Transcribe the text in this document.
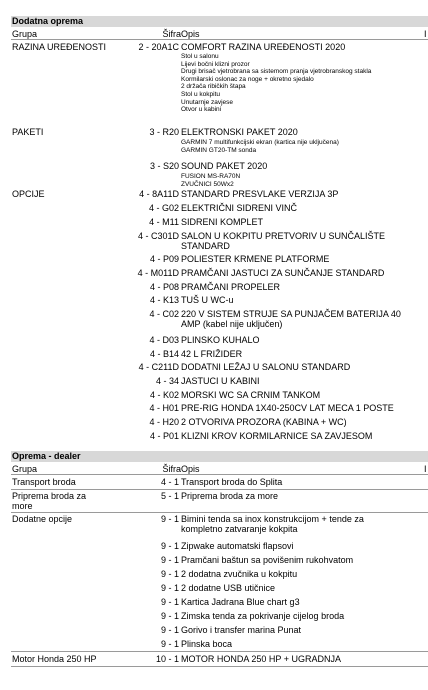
Dodatna oprema
Grupa	Šifra Opis	I
RAZINA UREĐENOSTI	2 - 20A1C COMFORT RAZINA UREĐENOSTI 2020
Stol u salonu
Lijevi bočni klizni prozor
Drugi brisač vjetrobrana sa sistemom pranja vjetrobranskog stakla
Kormilarski oslonac za noge + okretno sjedalo
2 držača ribičkih štapa
Stol u kokpitu
Unutarnje zavjese
Otvor u kabini
PAKETI	3 - R20 ELEKTRONSKI PAKET 2020
GARMIN 7 multifunkcijski ekran (kartica nije uključena)
GARMIN GT20-TM sonda
3 - S20 SOUND PAKET 2020
FUSION MS-RA70N
ZVUČNICI 50Wx2
OPCIJE	4 - 8A11D STANDARD PRESVLAKE VERZIJA 3P
4 - G02 ELEKTRIČNI SIDRENI VINČ
4 - M11 SIDRENI KOMPLET
4 - C301D SALON U KOKPITU PRETVORIV U SUNČALIŠTE STANDARD
4 - P09 POLIESTER KRMENE PLATFORME
4 - M011D PRAMČANI JASTUCI ZA SUNČANJE STANDARD
4 - P08 PRAMČANI PROPELER
4 - K13 TUŠ U WC-u
4 - C02 220 V SISTEM STRUJE SA PUNJAČEM BATERIJA 40 AMP (kabel nije uključen)
4 - D03 PLINSKO KUHALO
4 - B14 42 L FRIŽIDER
4 - C211D DODATNI LEŽAJ U SALONU STANDARD
4 - 34 JASTUCI U KABINI
4 - K02 MORSKI WC SA CRNIM TANKOM
4 - H01 PRE-RIG HONDA 1X40-250CV LAT MECA 1 POSTE
4 - H20 2 OTVORIVA PROZORA (KABINA + WC)
4 - P01 KLIZNI KROV KORMILARNICE SA ZAVJESOM
Oprema - dealer
Grupa	Šifra Opis	I
Transport broda	4 - 1 Transport broda do Splita
Priprema broda za more
5 - 1 Priprema broda za more
Dodatne opcije	9 - 1 Bimini tenda sa inox konstrukcijom + tende za kompletno zatvaranje kokpita
9 - 1 Zipwake automatski flapsovi
9 - 1 Pramčani baštun sa povišenim rukohvatom
9 - 1 2 dodatna zvučnika u kokpitu
9 - 1 2 dodatne USB utičnice
9 - 1 Kartica Jadrana Blue chart g3
9 - 1 Zimska tenda za pokrivanje cijelog broda
9 - 1 Gorivo i transfer marina Punat
9 - 1 Plinska boca
Motor Honda 250 HP	10 - 1 MOTOR HONDA 250 HP + UGRADNJA
